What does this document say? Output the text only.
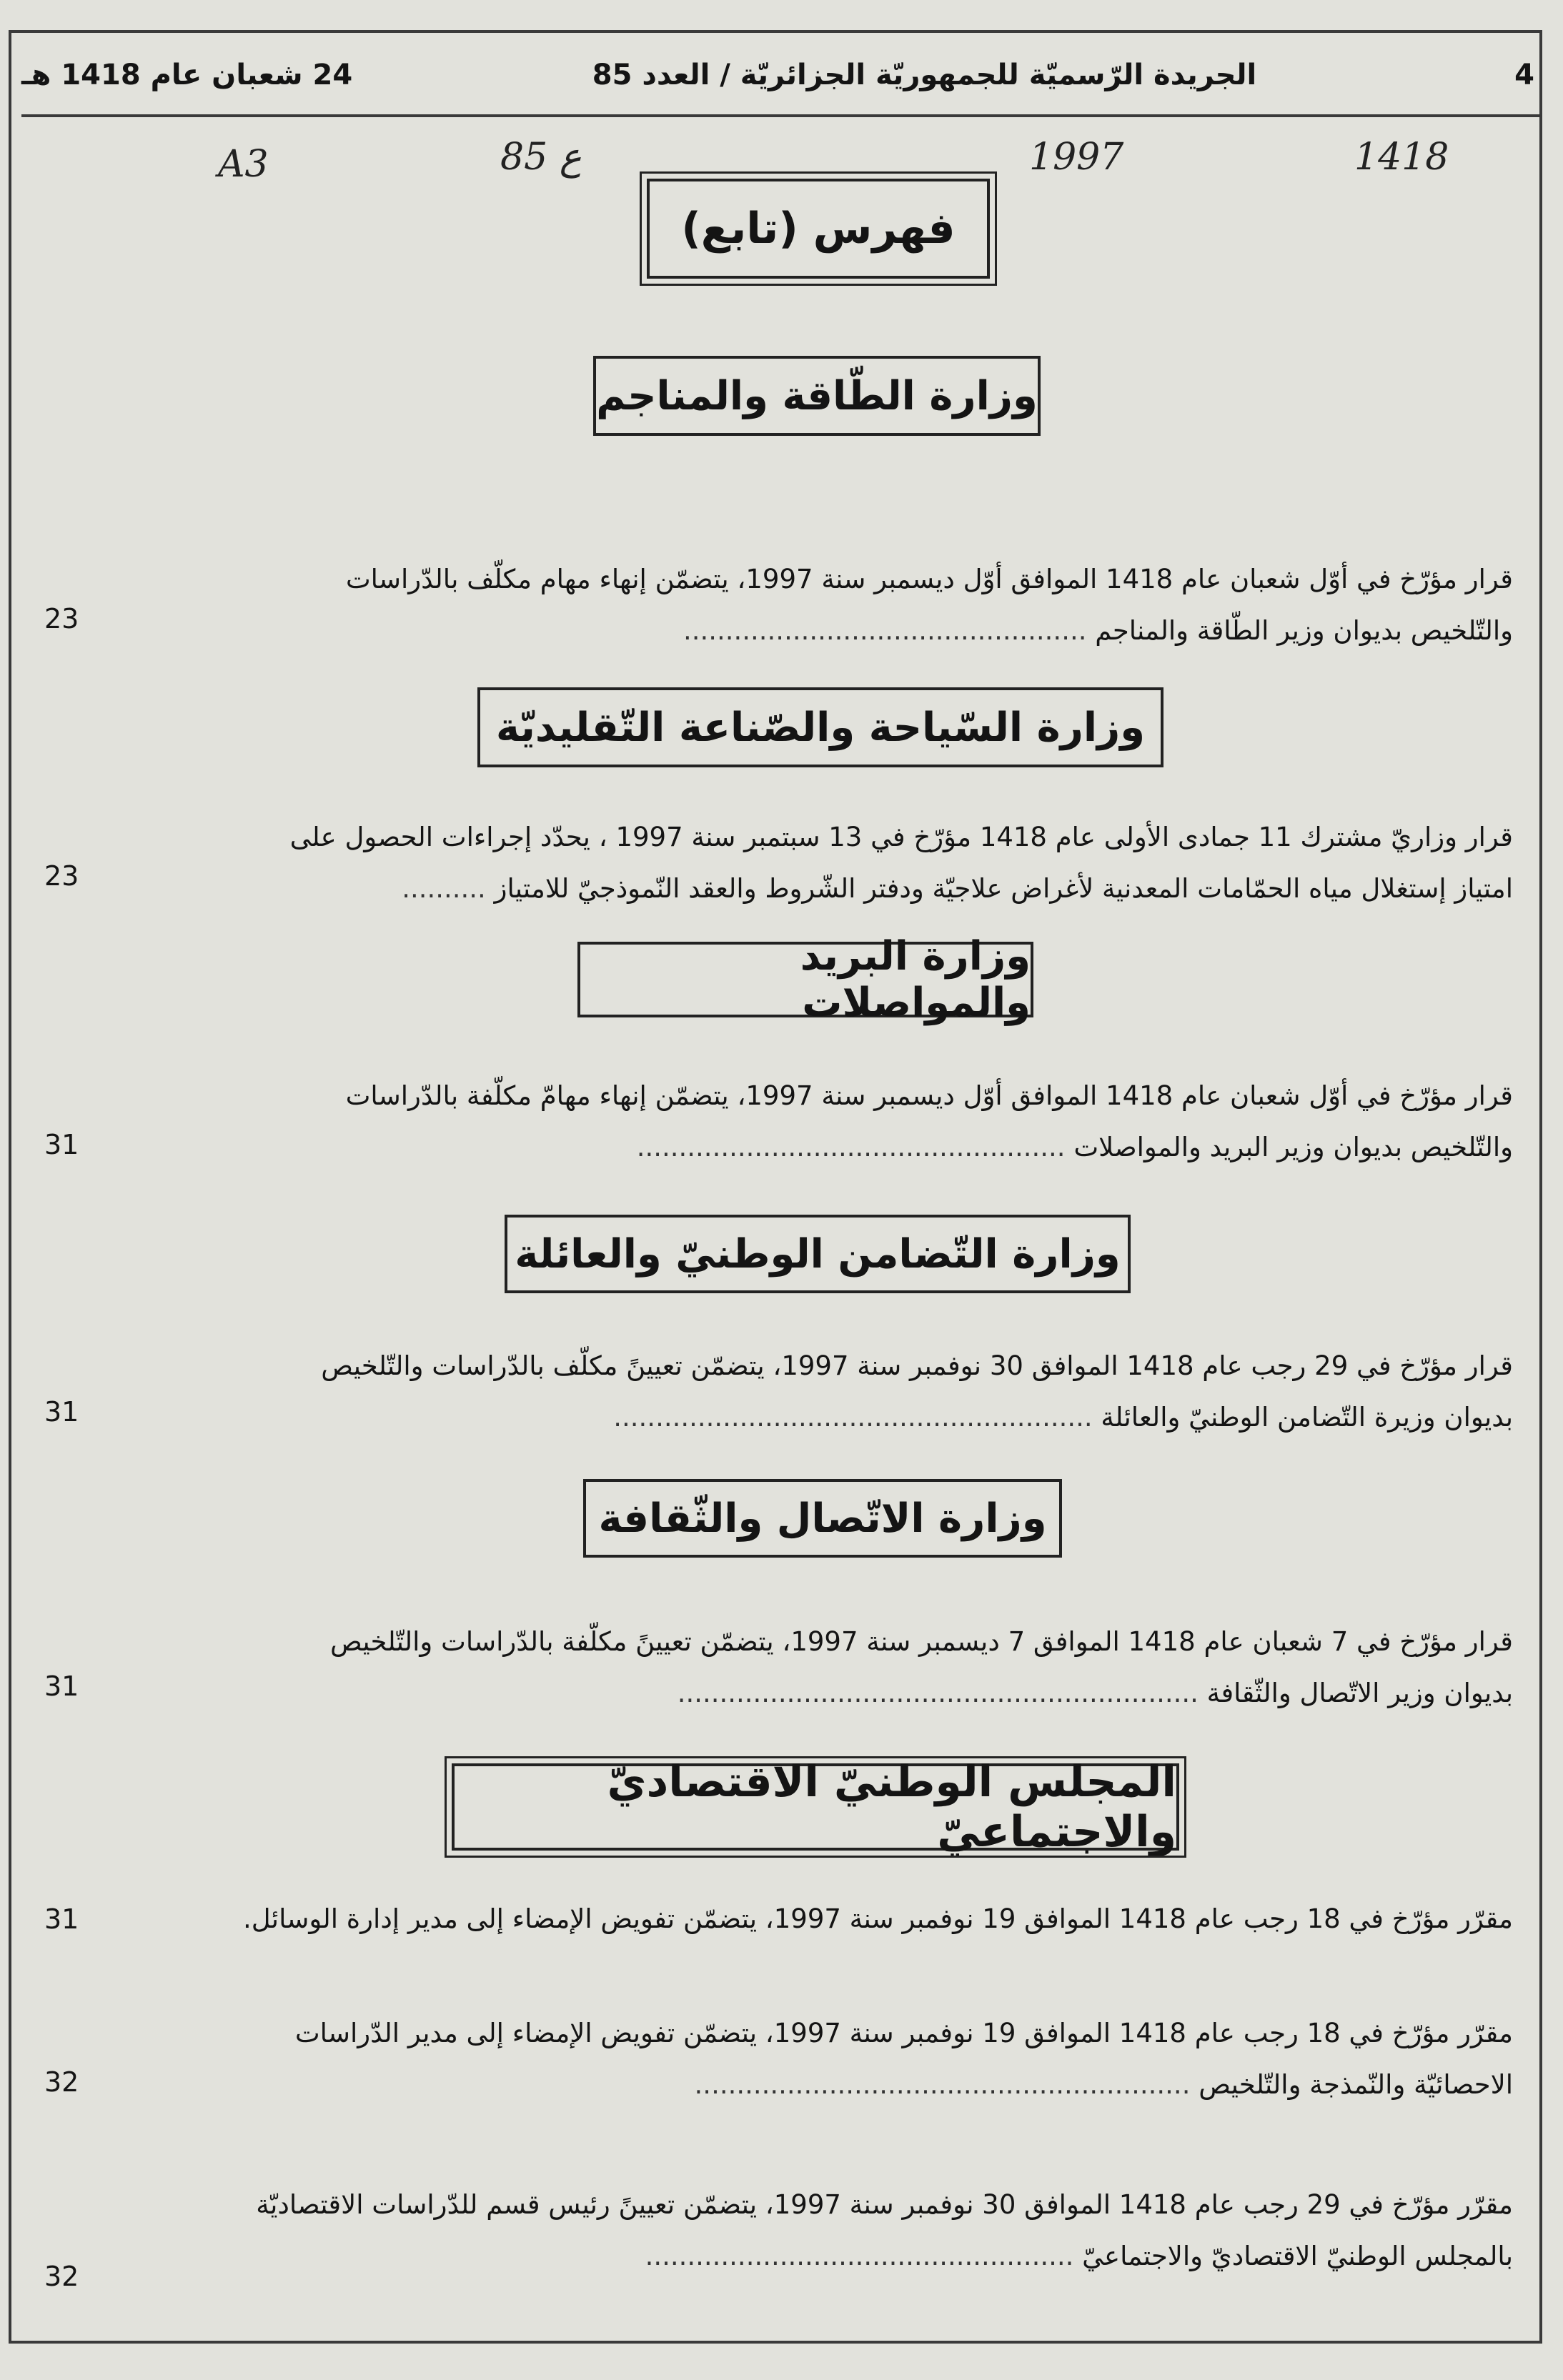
4
الجريدة الرّسميّة للجمهوريّة الجزائريّة / العدد 85
24 شعبان عام 1418 هـ
A3	85 ع	1997	1418
فهرس (تابع)
وزارة الطّاقة والمناجم
قرار مؤرّخ في أوّل شعبان عام 1418 الموافق أوّل ديسمبر سنة 1997، يتضمّن إنهاء مهام مكلّف بالدّراسات
والتّلخيص بديوان وزير الطّاقة والمناجم ................................................
23
وزارة السّياحة والصّناعة التّقليديّة
قرار وزاريّ مشترك 11 جمادى الأولى عام 1418 مؤرّخ في 13 سبتمبر سنة 1997 ، يحدّد إجراءات الحصول على
امتياز إستغلال مياه الحمّامات المعدنية لأغراض علاجيّة ودفتر الشّروط والعقد النّموذجيّ للامتياز ..........
23
وزارة البريد والمواصلات
قرار مؤرّخ في أوّل شعبان عام 1418 الموافق أوّل ديسمبر سنة 1997، يتضمّن إنهاء مهامّ مكلّفة بالدّراسات
والتّلخيص بديوان وزير البريد والمواصلات ...................................................
31
وزارة التّضامن الوطنيّ والعائلة
قرار مؤرّخ في 29 رجب عام 1418 الموافق 30 نوفمبر سنة 1997، يتضمّن تعيينً مكلّف بالدّراسات والتّلخيص
بديوان وزيرة التّضامن الوطنيّ والعائلة .........................................................
31
وزارة الاتّصال والثّقافة
قرار مؤرّخ في 7 شعبان عام 1418 الموافق 7 ديسمبر سنة 1997، يتضمّن تعيينً مكلّفة بالدّراسات والتّلخيص
بديوان وزير الاتّصال والثّقافة ..............................................................
31
المجلس الوطنيّ الاقتصاديّ والاجتماعيّ
مقرّر مؤرّخ في 18 رجب عام 1418 الموافق 19 نوفمبر سنة 1997، يتضمّن تفويض الإمضاء إلى مدير إدارة الوسائل.
31
مقرّر مؤرّخ في 18 رجب عام 1418 الموافق 19 نوفمبر سنة 1997، يتضمّن تفويض الإمضاء إلى مدير الدّراسات
الاحصائيّة والنّمذجة والتّلخيص ...........................................................
32
مقرّر مؤرّخ في 29 رجب عام 1418 الموافق 30 نوفمبر سنة 1997، يتضمّن تعيينً رئيس قسم للدّراسات الاقتصاديّة
بالمجلس الوطنيّ الاقتصاديّ والاجتماعيّ ...................................................
32
